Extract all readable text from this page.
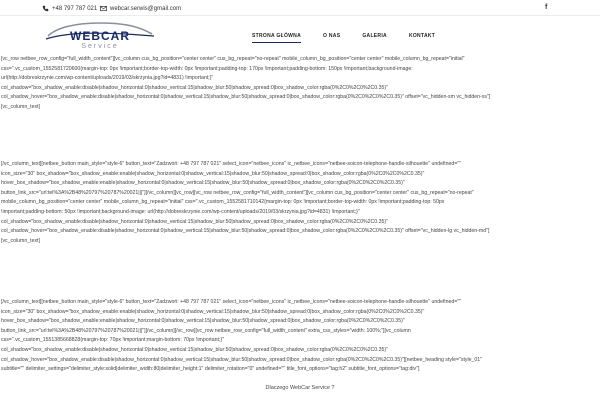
+48 797 787 021 webcar.serwis@gmail.com	f
WEBCAR
Service
STRONA GŁÓWNA	O NAS	GALERIA	KONTAKT
[vc_row netbee_row_config="full_width_content"][vc_column cus_bg_position="center center" cus_bg_repeat="no-repeat" mobile_column_bg_position="center center" mobile_column_bg_repeat="initial"
css=".vc_custom_1552581720600{margin-top: 0px !important;border-top-width: 0px !important;padding-top: 170px !important;padding-bottom: 150px !important;background-image:
url(http://dobreskrzynie.com/wp-content/uploads/2019/03/skrzynia.jpg?id=4831) !important;}"
col_shadow="box_shadow_enable:disable|shadow_horizontal:0|shadow_vertical:15|shadow_blur:50|shadow_spread:0|box_shadow_color:rgba(0%2C0%2C0%2C0.35)"
col_shadow_hover="box_shadow_enable:disable|shadow_horizontal:0|shadow_vertical:15|shadow_blur:50|shadow_spread:0|box_shadow_color:rgba(0%2C0%2C0%2C0.35)" offset="vc_hidden-sm vc_hidden-xs"]
[vc_column_text]
[/vc_column_text][netbee_button main_style="style-6" button_text="Zadzwoń: +48 797 787 021" select_icon="netbee_icons" ic_netbee_icons="netbee-soicon-telephone-handle-silhouette" undefined=""
icon_size="30" box_shadow="box_shadow_enable:enable|shadow_horizontal:0|shadow_vertical:15|shadow_blur:50|shadow_spread:0|box_shadow_color:rgba(0%2C0%2C0%2C0.35)"
hover_box_shadow="box_shadow_enable:enable|shadow_horizontal:0|shadow_vertical:15|shadow_blur:50|shadow_spread:0|box_shadow_color:rgba(0%2C0%2C0%2C0.35)"
button_link_src="url:tel%3A%2B48%20797%20787%20021|||"][/vc_column][vc_row][vc_row netbee_row_config="full_width_content"][vc_column cus_bg_position="center center" cus_bg_repeat="no-repeat"
mobile_column_bg_position="center center" mobile_column_bg_repeat="initial" css=".vc_custom_1552581710142{margin-top: 0px !important;border-top-width: 0px !important;padding-top: 50px
!important;padding-bottom: 50px !important;background-image: url(http://dobreskrzynie.com/wp-content/uploads/2019/03/skrzynia.jpg?id=4831) !important;}"
col_shadow="box_shadow_enable:disable|shadow_horizontal:0|shadow_vertical:15|shadow_blur:50|shadow_spread:0|box_shadow_color:rgba(0%2C0%2C0%2C0.35)"
col_shadow_hover="box_shadow_enable:disable|shadow_horizontal:0|shadow_vertical:15|shadow_blur:50|shadow_spread:0|box_shadow_color:rgba(0%2C0%2C0%2C0.35)" offset="vc_hidden-lg vc_hidden-md"]
[vc_column_text]
[/vc_column_text][netbee_button main_style="style-6" button_text="Zadzwoń: +48 797 787 021" select_icon="netbee_icons" ic_netbee_icons="netbee-soicon-telephone-handle-silhouette" undefined=""
icon_size="30" box_shadow="box_shadow_enable:enable|shadow_horizontal:0|shadow_vertical:15|shadow_blur:50|shadow_spread:0|box_shadow_color:rgba(0%2C0%2C0%2C0.35)"
hover_box_shadow="box_shadow_enable:enable|shadow_horizontal:0|shadow_vertical:15|shadow_blur:50|shadow_spread:0|box_shadow_color:rgba(0%2C0%2C0%2C0.35)"
button_link_src="url:tel%3A%2B48%20797%20787%20021|||"][/vc_column][/vc_row][vc_row netbee_row_config="full_width_content" extra_css_styles="width: 100%;"][vc_column
css=".vc_custom_1551385668828{margin-top: 70px !important;margin-bottom: 70px !important;}"
col_shadow="box_shadow_enable:disable|shadow_horizontal:0|shadow_vertical:15|shadow_blur:50|shadow_spread:0|box_shadow_color:rgba(0%2C0%2C0%2C0.35)"
col_shadow_hover="box_shadow_enable:disable|shadow_horizontal:0|shadow_vertical:15|shadow_blur:50|shadow_spread:0|box_shadow_color:rgba(0%2C0%2C0%2C0.35)"][netbee_heading style="style_01"
subtitle="" delimiter_settings="delimiter_style:solid|delimiter_width:80|delimiter_height:1" delimiter_rotation="0" undefined="" title_font_options="tag:h2" subtitle_font_options="tag:div"]
Dlaczego WebCar Service ?
